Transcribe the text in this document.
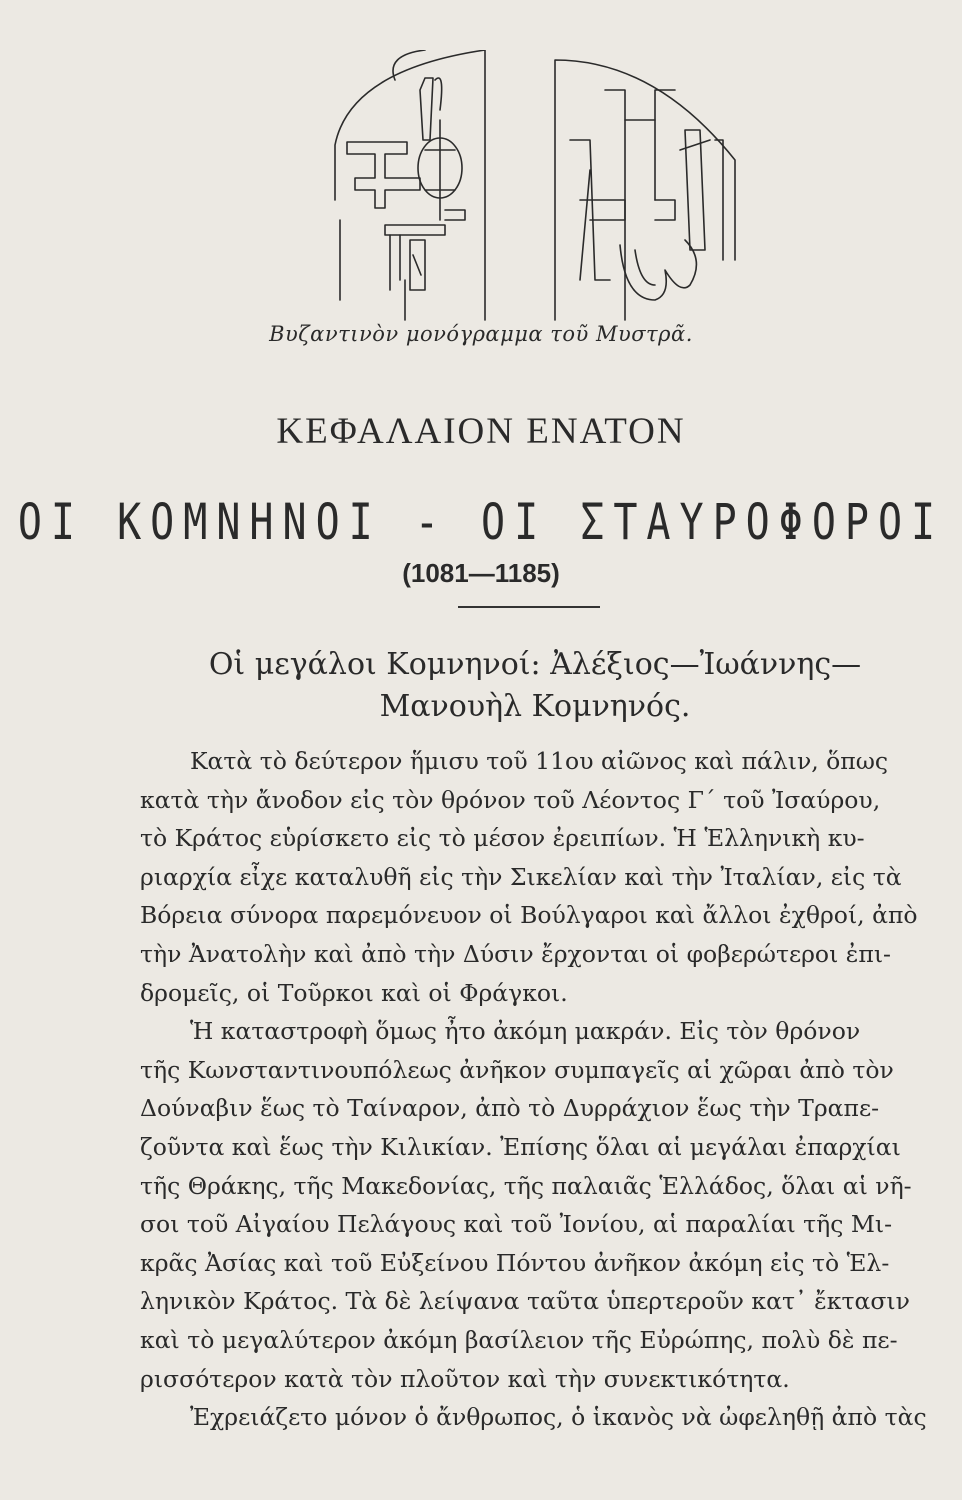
Βυζαντινὸν μονόγραμμα τοῦ Μυστρᾶ.
ΚΕΦΑΛΑΙΟΝ ΕΝΑΤΟΝ
ΟΙ ΚΟΜΝΗΝΟΙ - ΟΙ ΣΤΑΥΡΟΦΟΡΟΙ
(1081—1185)
Οἱ μεγάλοι Κομνηνοί: Ἀλέξιος—Ἰωάννης—
Μανουὴλ Κομνηνός.
Κατὰ τὸ δεύτερον ἥμισυ τοῦ 11ου αἰῶνος καὶ πάλιν, ὅπως
κατὰ τὴν ἄνοδον εἰς τὸν θρόνον τοῦ Λέοντος Γ´ τοῦ Ἰσαύρου,
τὸ Κράτος εὑρίσκετο εἰς τὸ μέσον ἐρειπίων. Ἡ Ἑλληνικὴ κυ-
ριαρχία εἶχε καταλυθῆ εἰς τὴν Σικελίαν καὶ τὴν Ἰταλίαν, εἰς τὰ
Βόρεια σύνορα παρεμόνευον οἱ Βούλγαροι καὶ ἄλλοι ἐχθροί, ἀπὸ
τὴν Ἀνατολὴν καὶ ἀπὸ τὴν Δύσιν ἔρχονται οἱ φοβερώτεροι ἐπι-
δρομεῖς, οἱ Τοῦρκοι καὶ οἱ Φράγκοι.
Ἡ καταστροφὴ ὅμως ἦτο ἀκόμη μακράν. Εἰς τὸν θρόνον
τῆς Κωνσταντινουπόλεως ἀνῆκον συμπαγεῖς αἱ χῶραι ἀπὸ τὸν
Δούναβιν ἕως τὸ Ταίναρον, ἀπὸ τὸ Δυρράχιον ἕως τὴν Τραπε-
ζοῦντα καὶ ἕως τὴν Κιλικίαν. Ἐπίσης ὅλαι αἱ μεγάλαι ἐπαρχίαι
τῆς Θράκης, τῆς Μακεδονίας, τῆς παλαιᾶς Ἑλλάδος, ὅλαι αἱ νῆ-
σοι τοῦ Αἰγαίου Πελάγους καὶ τοῦ Ἰονίου, αἱ παραλίαι τῆς Μι-
κρᾶς Ἀσίας καὶ τοῦ Εὐξείνου Πόντου ἀνῆκον ἀκόμη εἰς τὸ Ἑλ-
ληνικὸν Κράτος. Τὰ δὲ λείψανα ταῦτα ὑπερτεροῦν κατ᾿ ἔκτασιν
καὶ τὸ μεγαλύτερον ἀκόμη βασίλειον τῆς Εὐρώπης, πολὺ δὲ πε-
ρισσότερον κατὰ τὸν πλοῦτον καὶ τὴν συνεκτικότητα.
Ἐχρειάζετο μόνον ὁ ἄνθρωπος, ὁ ἱκανὸς νὰ ὠφεληθῇ ἀπὸ τὰς
